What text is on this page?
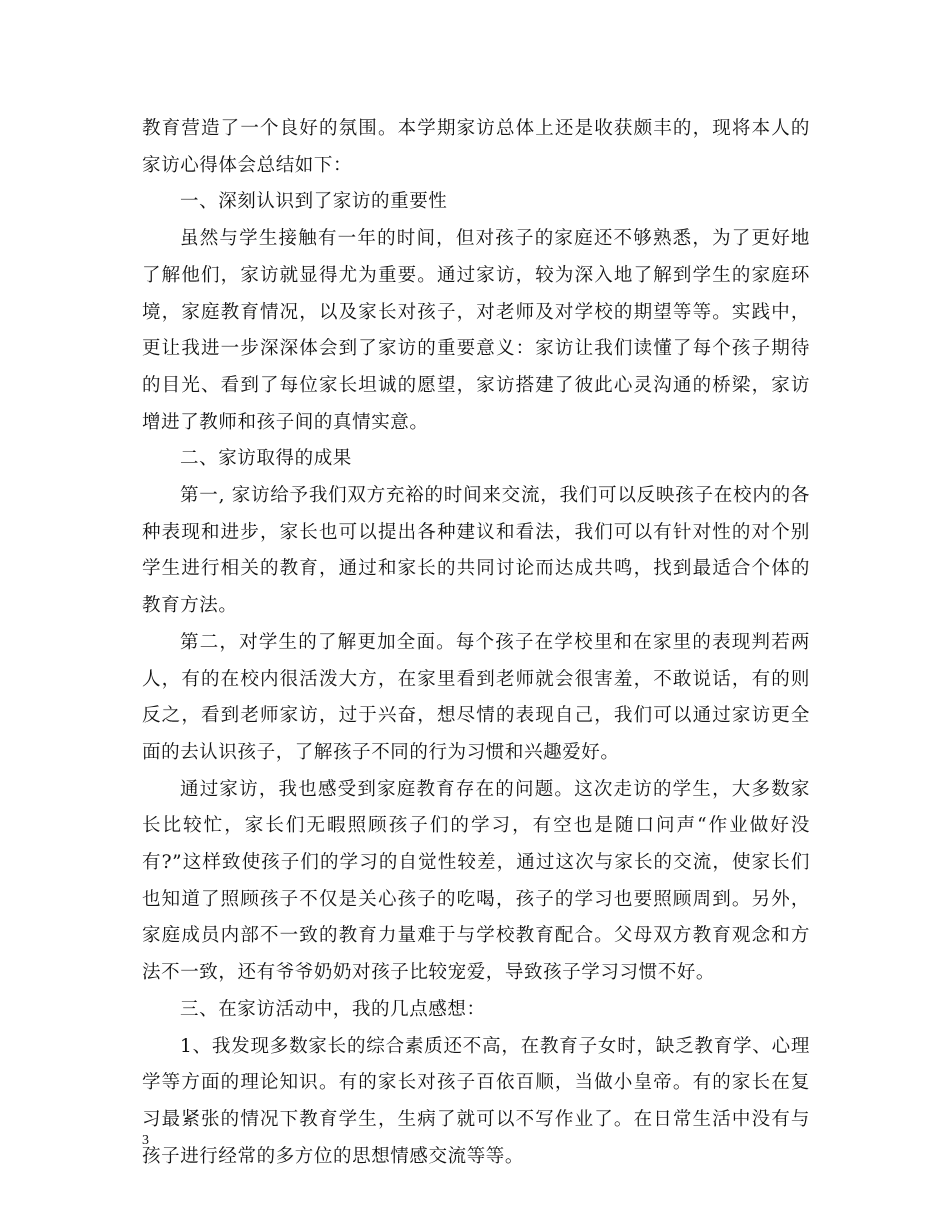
教育营造了一个良好的氛围。本学期家访总体上还是收获颇丰的，现将本人的家访心得体会总结如下：

一、深刻认识到了家访的重要性

虽然与学生接触有一年的时间，但对孩子的家庭还不够熟悉，为了更好地了解他们，家访就显得尤为重要。通过家访，较为深入地了解到学生的家庭环境，家庭教育情况，以及家长对孩子，对老师及对学校的期望等等。实践中，更让我进一步深深体会到了家访的重要意义：家访让我们读懂了每个孩子期待的目光、看到了每位家长坦诚的愿望，家访搭建了彼此心灵沟通的桥梁，家访增进了教师和孩子间的真情实意。

二、家访取得的成果

第一, 家访给予我们双方充裕的时间来交流，我们可以反映孩子在校内的各种表现和进步，家长也可以提出各种建议和看法，我们可以有针对性的对个别学生进行相关的教育，通过和家长的共同讨论而达成共鸣，找到最适合个体的教育方法。

第二，对学生的了解更加全面。每个孩子在学校里和在家里的表现判若两人，有的在校内很活泼大方，在家里看到老师就会很害羞，不敢说话，有的则反之，看到老师家访，过于兴奋，想尽情的表现自己，我们可以通过家访更全面的去认识孩子，了解孩子不同的行为习惯和兴趣爱好。

通过家访，我也感受到家庭教育存在的问题。这次走访的学生，大多数家长比较忙，家长们无暇照顾孩子们的学习，有空也是随口问声“作业做好没有?”这样致使孩子们的学习的自觉性较差，通过这次与家长的交流，使家长们也知道了照顾孩子不仅是关心孩子的吃喝，孩子的学习也要照顾周到。另外，家庭成员内部不一致的教育力量难于与学校教育配合。父母双方教育观念和方法不一致，还有爷爷奶奶对孩子比较宠爱，导致孩子学习习惯不好。

三、在家访活动中，我的几点感想：

1、我发现多数家长的综合素质还不高，在教育子女时，缺乏教育学、心理学等方面的理论知识。有的家长对孩子百依百顺，当做小皇帝。有的家长在复习最紧张的情况下教育学生，生病了就可以不写作业了。在日常生活中没有与孩子进行经常的多方位的思想情感交流等等。

3
